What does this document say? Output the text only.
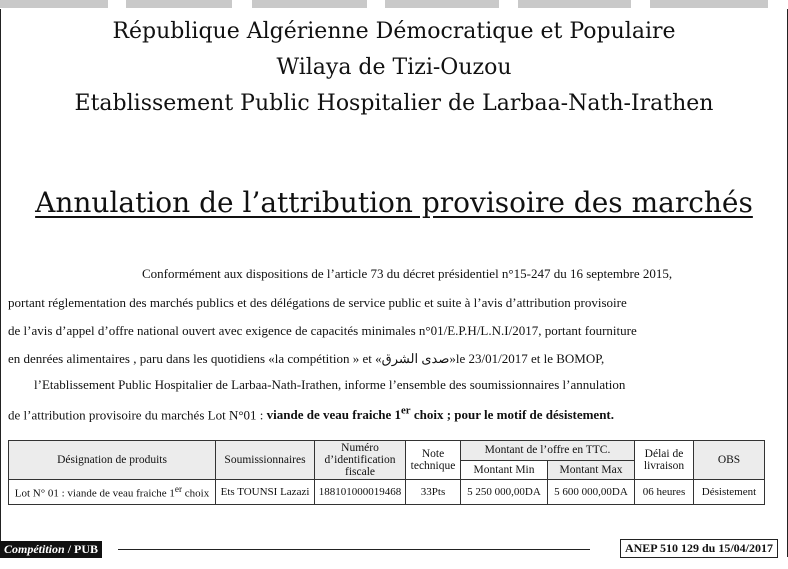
République Algérienne Démocratique et Populaire
Wilaya de Tizi-Ouzou
Etablissement Public Hospitalier de Larbaa-Nath-Irathen
Annulation de l’attribution provisoire des marchés
Conformément aux dispositions de l’article 73 du décret présidentiel n°15-247 du 16 septembre 2015,
portant réglementation des marchés publics et des délégations de service public et suite à l’avis d’attribution provisoire
de l’avis d’appel d’offre national ouvert avec exigence de capacités minimales n°01/E.P.H/L.N.I/2017, portant fourniture
en denrées alimentaires , paru dans les quotidiens «la compétition » et «صدى الشرق»le 23/01/2017 et le BOMOP,
l’Etablissement Public Hospitalier de Larbaa-Nath-Irathen, informe l’ensemble des soumissionnaires l’annulation
de l’attribution provisoire du marchés Lot N°01 : viande de veau fraiche 1er choix ; pour le motif de désistement.
Désignation de produits	Soumissionnaires	Numéro d’identification fiscale	Note technique	Montant de l’offre en TTC.		Délai de livraison	OBS
				Montant Min	Montant Max		
Lot N° 01 : viande de veau fraiche 1er choix	Ets TOUNSI Lazazi	188101000019468	33Pts	5 250 000,00DA	5 600 000,00DA	06 heures	Désistement
Compétition / PUB	ANEP 510 129 du 15/04/2017
